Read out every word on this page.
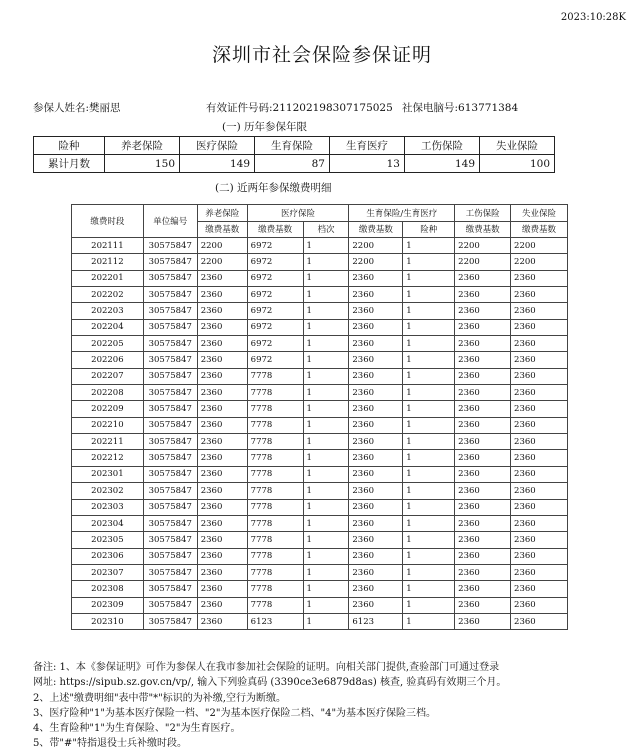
2023:10:28K
深圳市社会保险参保证明
参保人姓名:樊丽思	有效证件号码:211202198307175025 社保电脑号:613771384
(一) 历年参保年限
险种	养老保险	医疗保险	生育保险	生育医疗	工伤保险	失业保险
累计月数	150	149	87	13	149	100
(二) 近两年参保缴费明细
缴费时段	单位编号	养老保险	医疗保险		生育保险/生育医疗		工伤保险	失业保险
		缴费基数	缴费基数	档次	缴费基数	险种	缴费基数	缴费基数
202111	30575847	2200	6972	1	2200	1	2200	2200
202112	30575847	2200	6972	1	2200	1	2200	2200
202201	30575847	2360	6972	1	2360	1	2360	2360
202202	30575847	2360	6972	1	2360	1	2360	2360
202203	30575847	2360	6972	1	2360	1	2360	2360
202204	30575847	2360	6972	1	2360	1	2360	2360
202205	30575847	2360	6972	1	2360	1	2360	2360
202206	30575847	2360	6972	1	2360	1	2360	2360
202207	30575847	2360	7778	1	2360	1	2360	2360
202208	30575847	2360	7778	1	2360	1	2360	2360
202209	30575847	2360	7778	1	2360	1	2360	2360
202210	30575847	2360	7778	1	2360	1	2360	2360
202211	30575847	2360	7778	1	2360	1	2360	2360
202212	30575847	2360	7778	1	2360	1	2360	2360
202301	30575847	2360	7778	1	2360	1	2360	2360
202302	30575847	2360	7778	1	2360	1	2360	2360
202303	30575847	2360	7778	1	2360	1	2360	2360
202304	30575847	2360	7778	1	2360	1	2360	2360
202305	30575847	2360	7778	1	2360	1	2360	2360
202306	30575847	2360	7778	1	2360	1	2360	2360
202307	30575847	2360	7778	1	2360	1	2360	2360
202308	30575847	2360	7778	1	2360	1	2360	2360
202309	30575847	2360	7778	1	2360	1	2360	2360
202310	30575847	2360	6123	1	6123	1	2360	2360
备注: 1、本《参保证明》可作为参保人在我市参加社会保险的证明。向相关部门提供,查验部门可通过登录
网址: https://sipub.sz.gov.cn/vp/, 输入下列验真码 (3390ce3e6879d8as) 核查, 验真码有效期三个月。
2、上述"缴费明细"表中带"*"标识的为补缴,空行为断缴。
3、医疗险种"1"为基本医疗保险一档、"2"为基本医疗保险二档、"4"为基本医疗保险三档。
4、生育险种"1"为生育保险、"2"为生育医疗。
5、带"#"特指退役士兵补缴时段。
